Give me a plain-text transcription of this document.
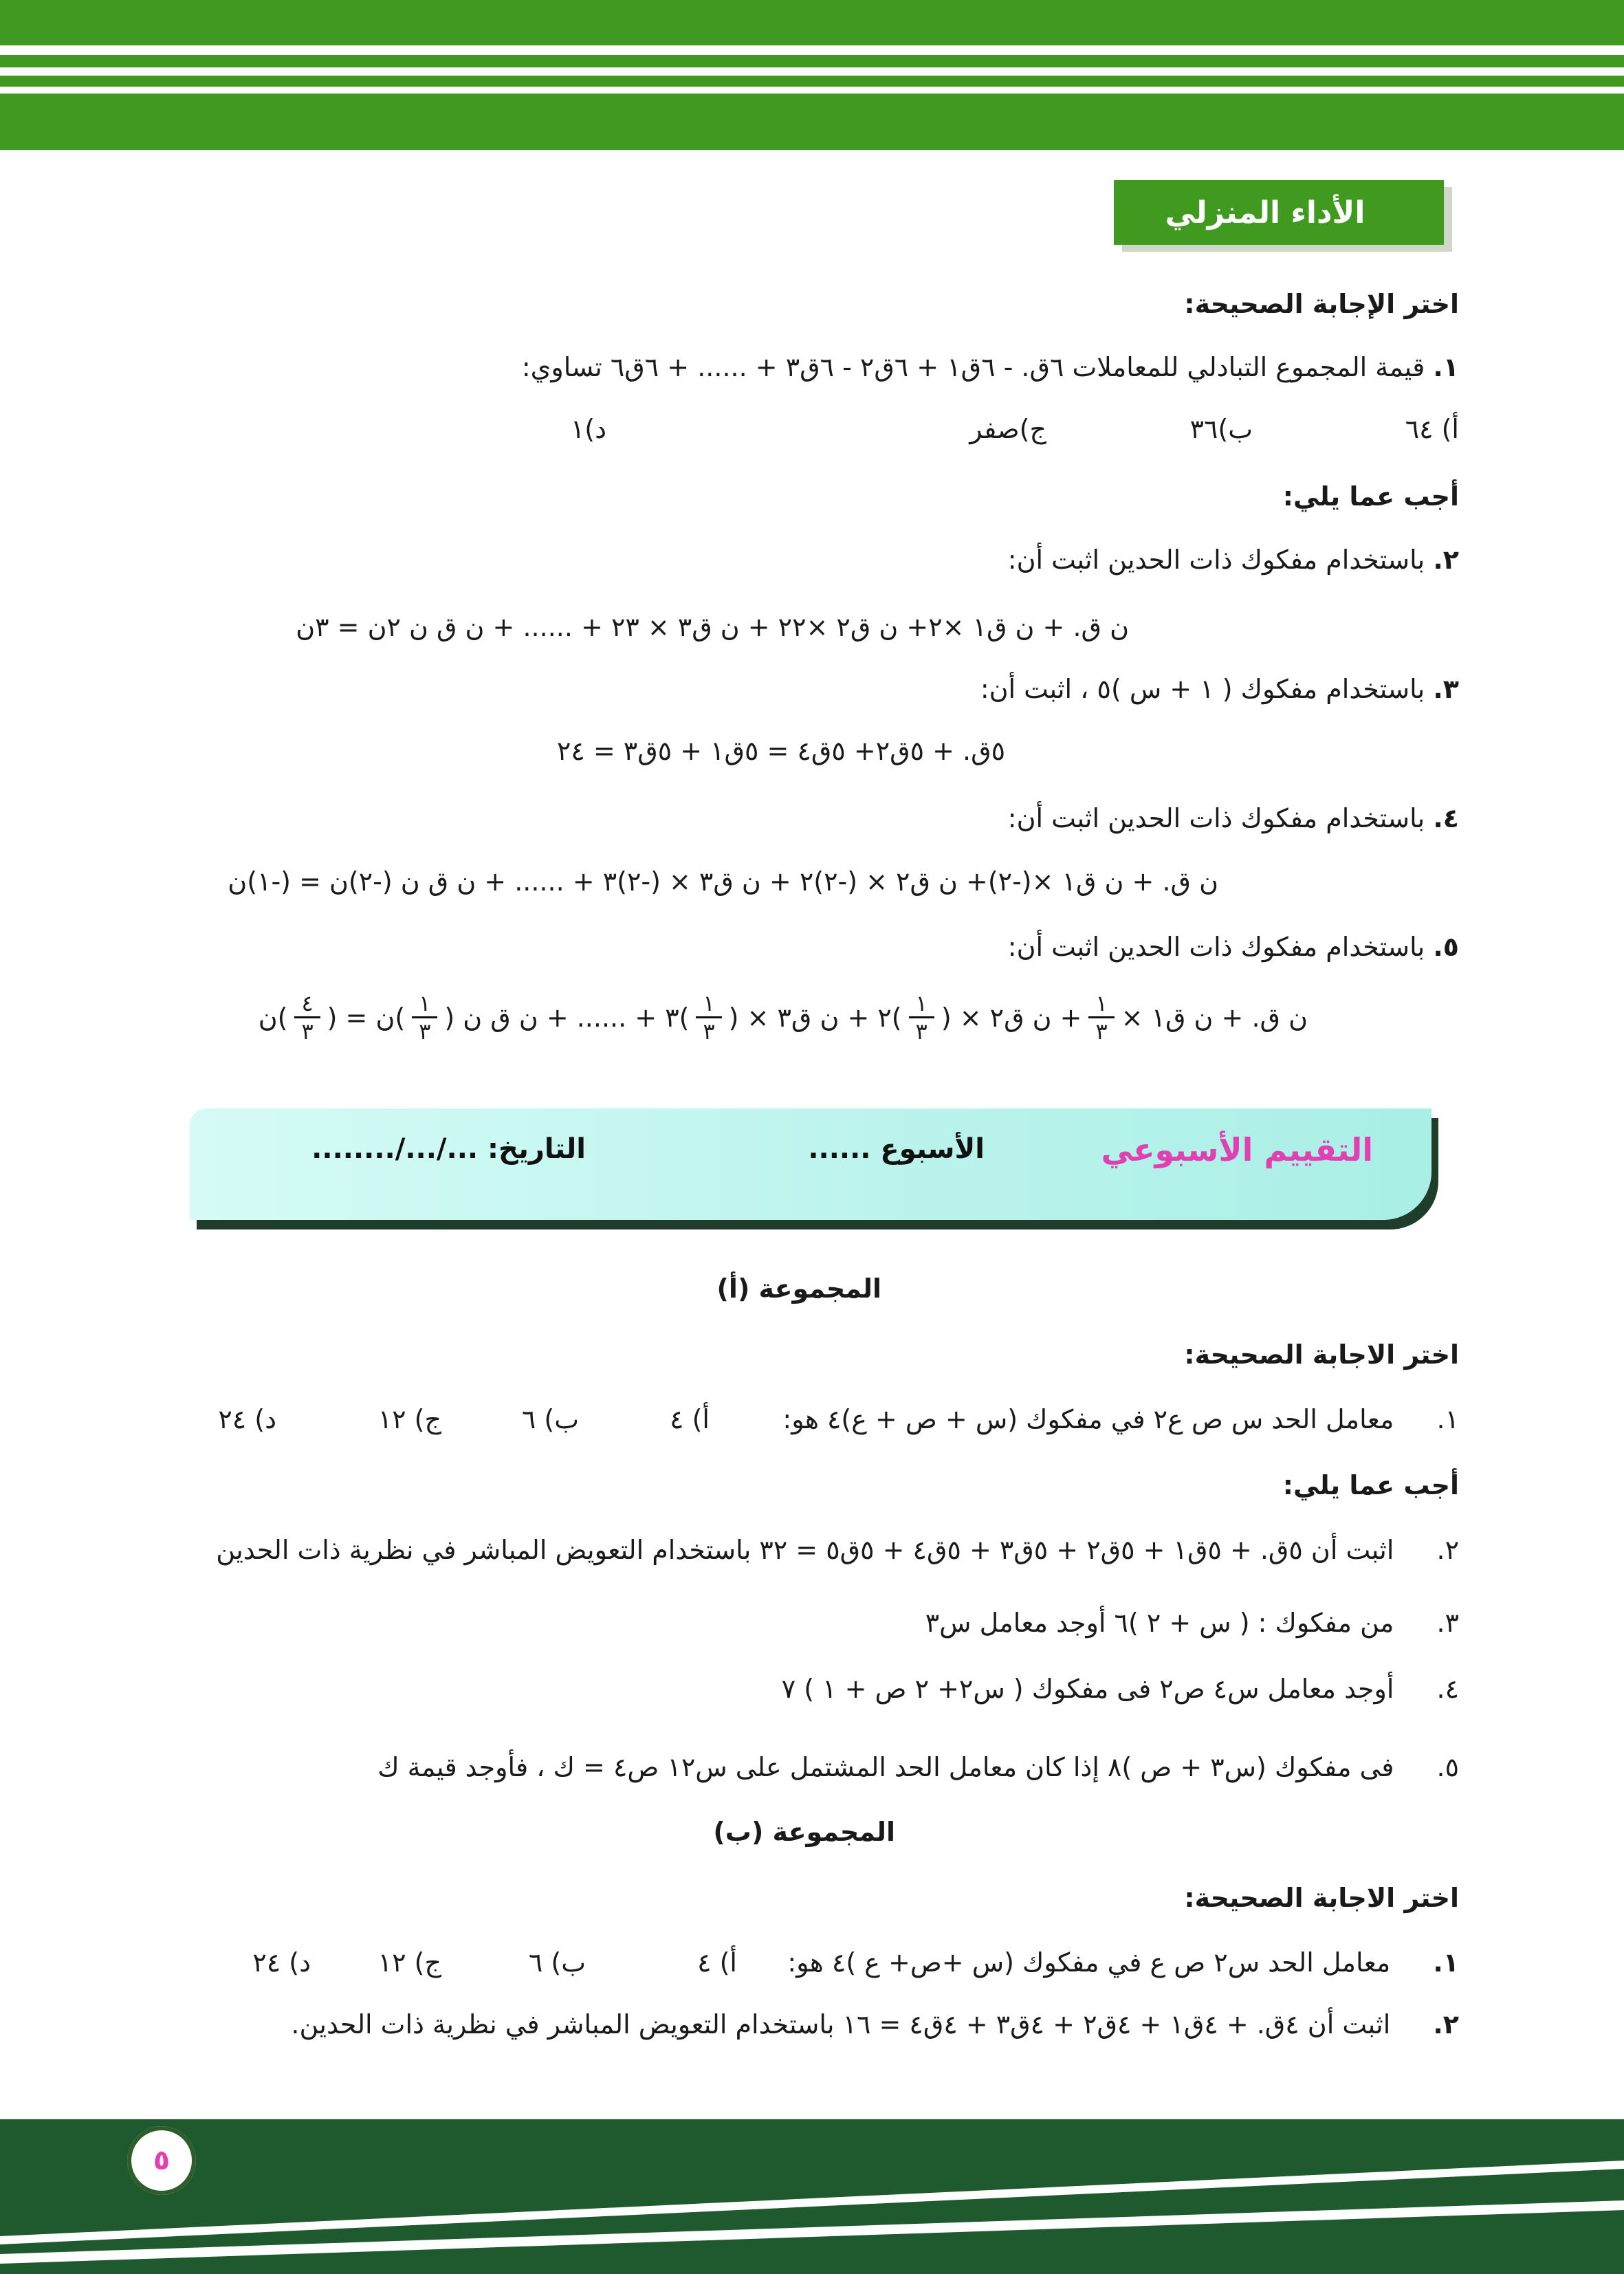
الأداء المنزلي
اختر الإجابة الصحيحة:
١. قيمة المجموع التبادلي للمعاملات ٦ق. - ٦ق١ + ٦ق٢ - ٦ق٣ + ...... + ٦ق٦ تساوي:
أ) ٦٤
ب)٣٦
ج)صفر
د)١
أجب عما يلي:
٢. باستخدام مفكوك ذات الحدين اثبت أن:
ن ق. + ن ق١ ×٢+ ن ق٢ ×٢٢ + ن ق٣ × ٢٣ + ...... + ن ق ن ٢ن = ٣ن
٣. باستخدام مفكوك ( ١ + س )٥ ، اثبت أن:
٥ق. + ٥ق٢+ ٥ق٤ = ٥ق١ + ٥ق٣ = ٢٤
٤. باستخدام مفكوك ذات الحدين اثبت أن:
ن ق. + ن ق١ ×(-٢)+ ن ق٢ × (-٢)٢ + ن ق٣ × (-٢)٣ + ...... + ن ق ن (-٢)ن = (-١)ن
٥. باستخدام مفكوك ذات الحدين اثبت أن:
ن ق. + ن ق١ ×
$\frac{١}{٣}$
+ ن ق٢ × (
$\frac{١}{٣}$
)٢ + ن ق٣ × (
$\frac{١}{٣}$
)٣ + ...... + ن ق ن (
$\frac{١}{٣}$
)ن = (
$\frac{٤}{٣}$
)ن
التقييم الأسبوعي
الأسبوع ......
التاريخ: .../.../........
المجموعة (أ)
اختر الاجابة الصحيحة:
١. معامل الحد س ص ع٢ في مفكوك (س + ص + ع)٤ هو:
أ) ٤
ب) ٦
ج) ١٢
د) ٢٤
أجب عما يلي:
٢. اثبت أن ٥ق. + ٥ق١ + ٥ق٢ + ٥ق٣ + ٥ق٤ + ٥ق٥ = ٣٢ باستخدام التعويض المباشر في نظرية ذات الحدين
٣. من مفكوك : ( س + ٢ )٦ أوجد معامل س٣
٤. أوجد معامل س٤ ص٢ فى مفكوك ( س٢+ ٢ ص + ١ ) ٧
٥. فى مفكوك (س٣ + ص )٨ إذا كان معامل الحد المشتمل على س١٢ ص٤ = ك ، فأوجد قيمة ك
المجموعة (ب)
اختر الاجابة الصحيحة:
١. معامل الحد س٢ ص ع في مفكوك (س +ص+ ع )٤ هو:
أ) ٤
ب) ٦
ج) ١٢
د) ٢٤
٢. اثبت أن ٤ق. + ٤ق١ + ٤ق٢ + ٤ق٣ + ٤ق٤ = ١٦ باستخدام التعويض المباشر في نظرية ذات الحدين.
٥
